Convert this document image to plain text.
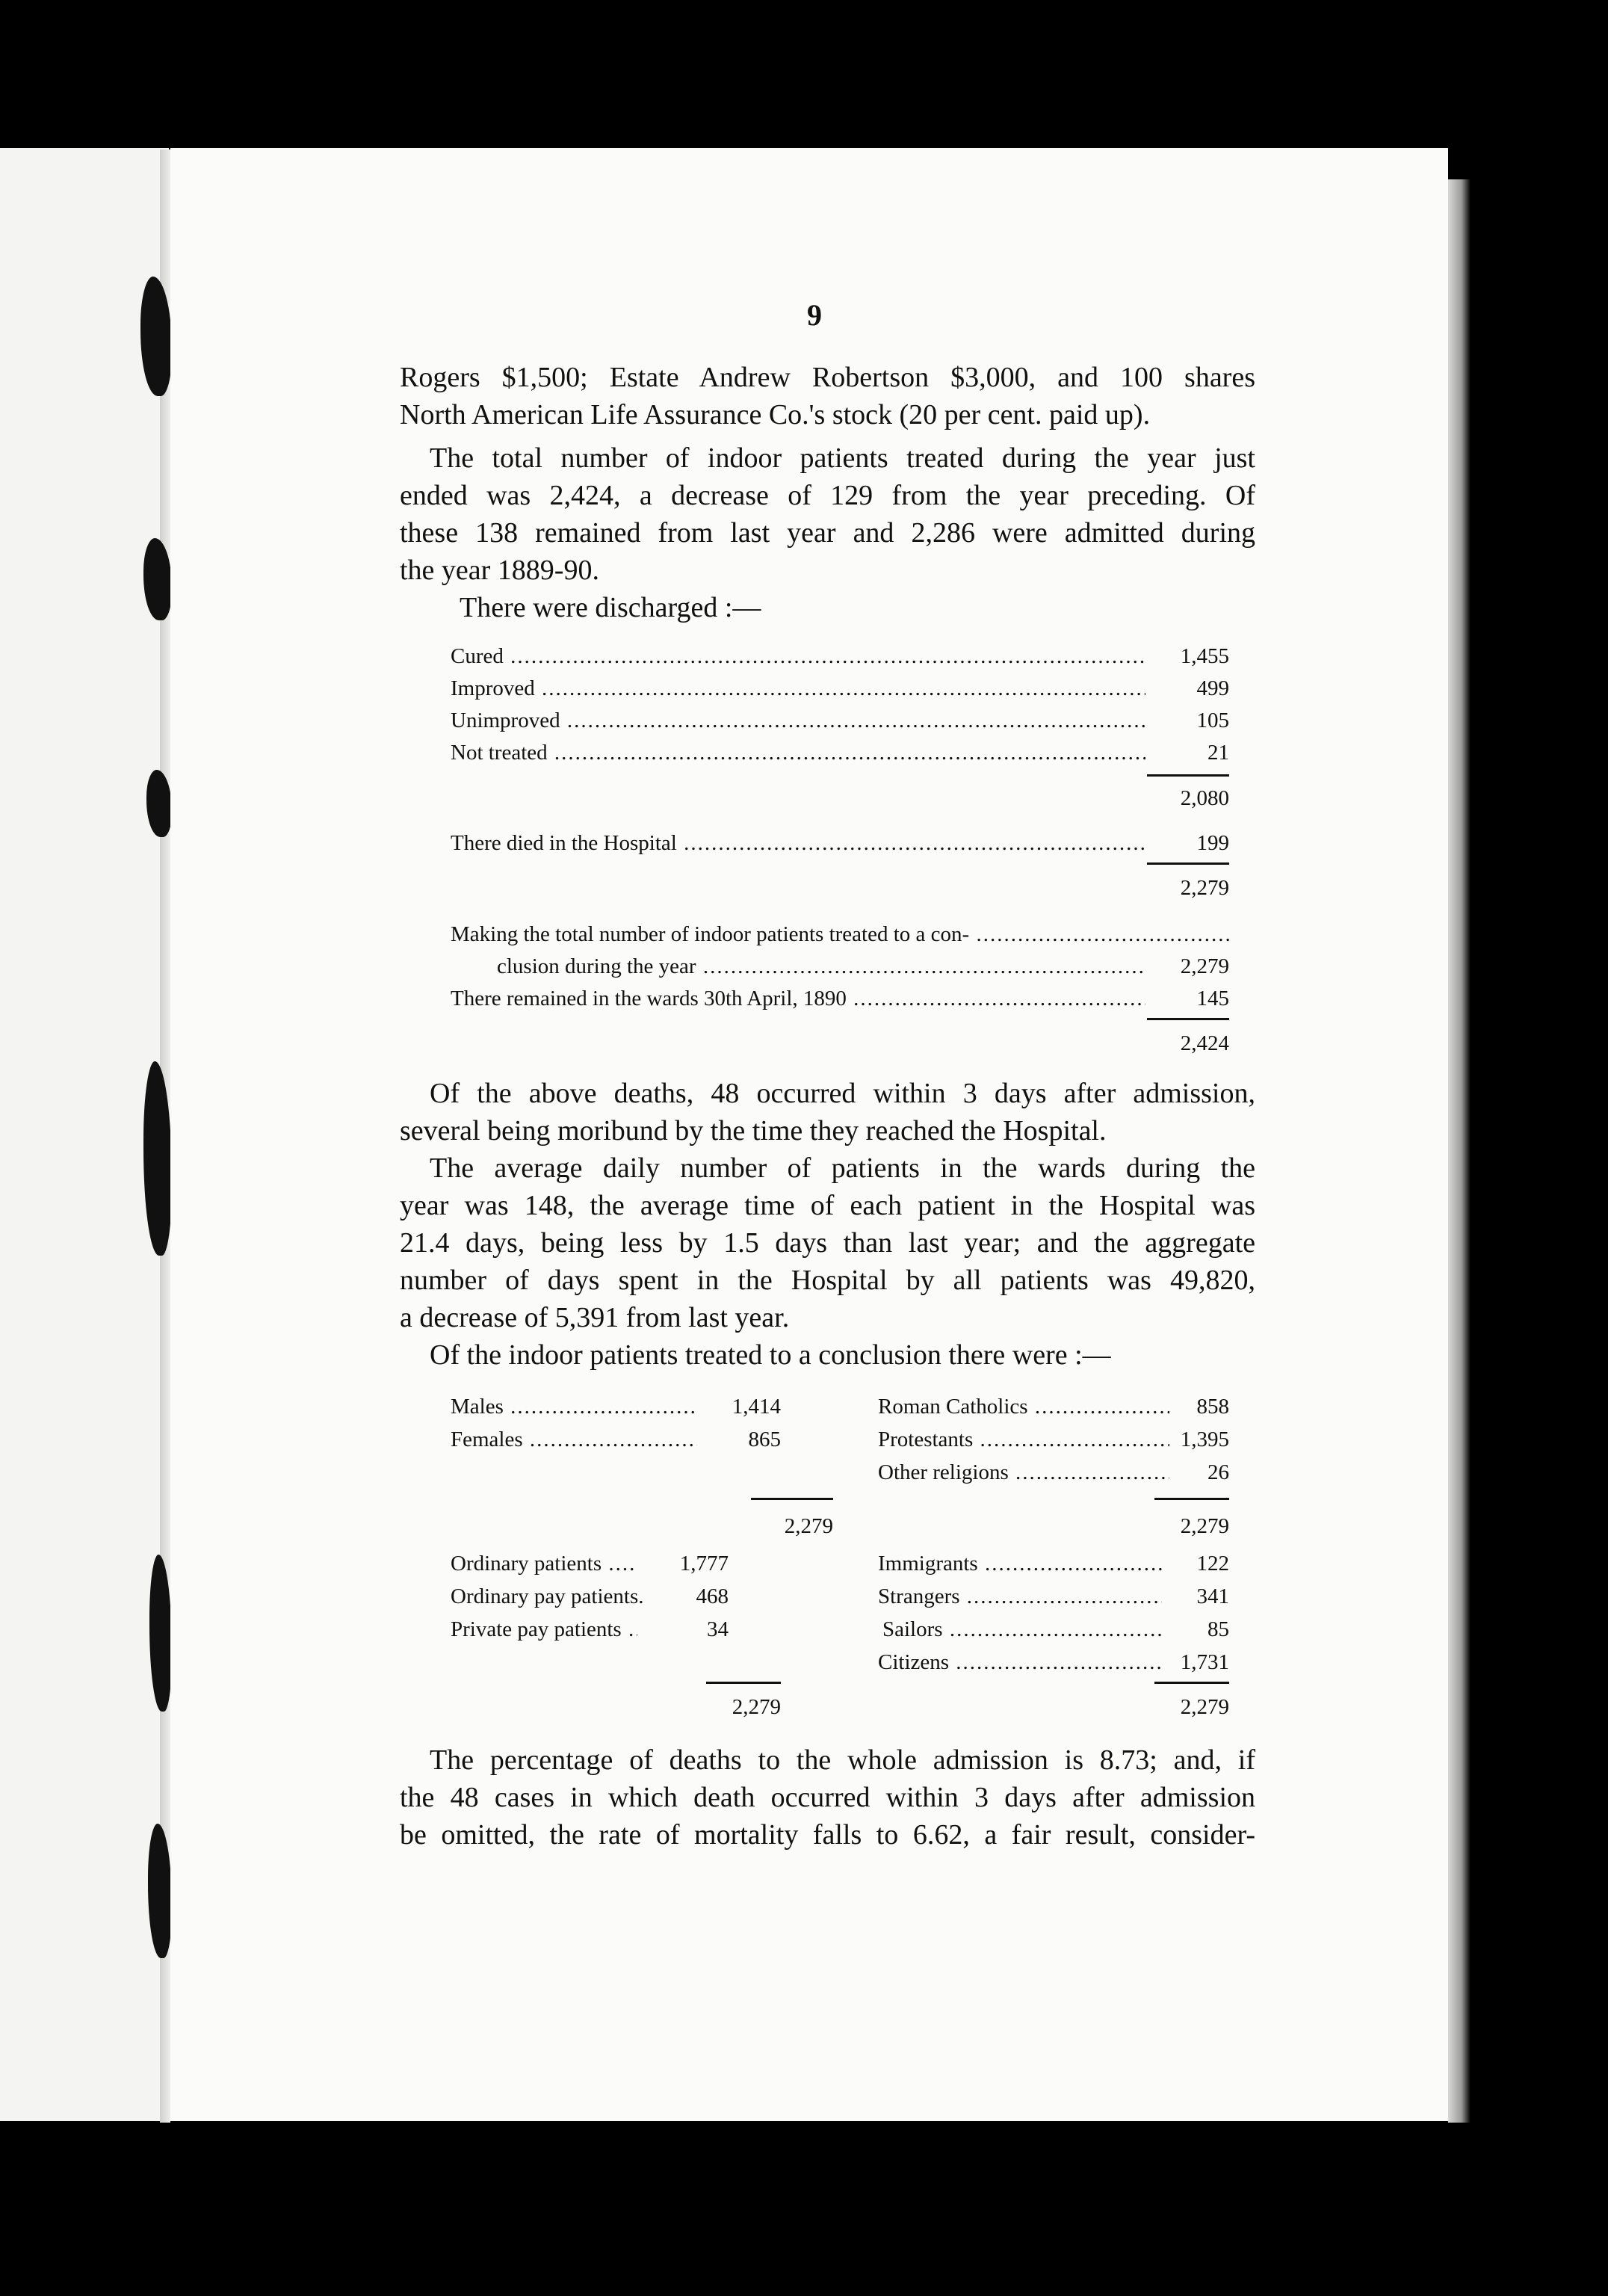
9
Rogers $1,500; Estate Andrew Robertson $3,000, and 100 shares
North American Life Assurance Co.'s stock (20 per cent. paid up).
The total number of indoor patients treated during the year just
ended was 2,424, a decrease of 129 from the year preceding. Of
these 138 remained from last year and 2,286 were admitted during
the year 1889-90.
There were discharged :—
Cured .....	1,455
Improved .....	499
Unimproved .....	105
Not treated .....	21
2,080
There died in the Hospital .....	199
2,279
Making the total number of indoor patients treated to a con- .....
clusion during the year .....	2,279
There remained in the wards 30th April, 1890 .....	145
2,424
Of the above deaths, 48 occurred within 3 days after admission,
several being moribund by the time they reached the Hospital.
The average daily number of patients in the wards during the
year was 148, the average time of each patient in the Hospital was
21.4 days, being less by 1.5 days than last year; and the aggregate
number of days spent in the Hospital by all patients was 49,820,
a decrease of 5,391 from last year.
Of the indoor patients treated to a conclusion there were :—
Males .....	1,414
Females .....	865
2,279
Roman Catholics .....	858
Protestants .....	1,395
Other religions .....	26
2,279
Ordinary patients .....	1,777
Ordinary pay patients.	468
Private pay patients .....	34
2,279
Immigrants .....	122
Strangers .....	341
Sailors .....	85
Citizens .....	1,731
2,279
The percentage of deaths to the whole admission is 8.73; and, if
the 48 cases in which death occurred within 3 days after admission
be omitted, the rate of mortality falls to 6.62, a fair result, consider-
